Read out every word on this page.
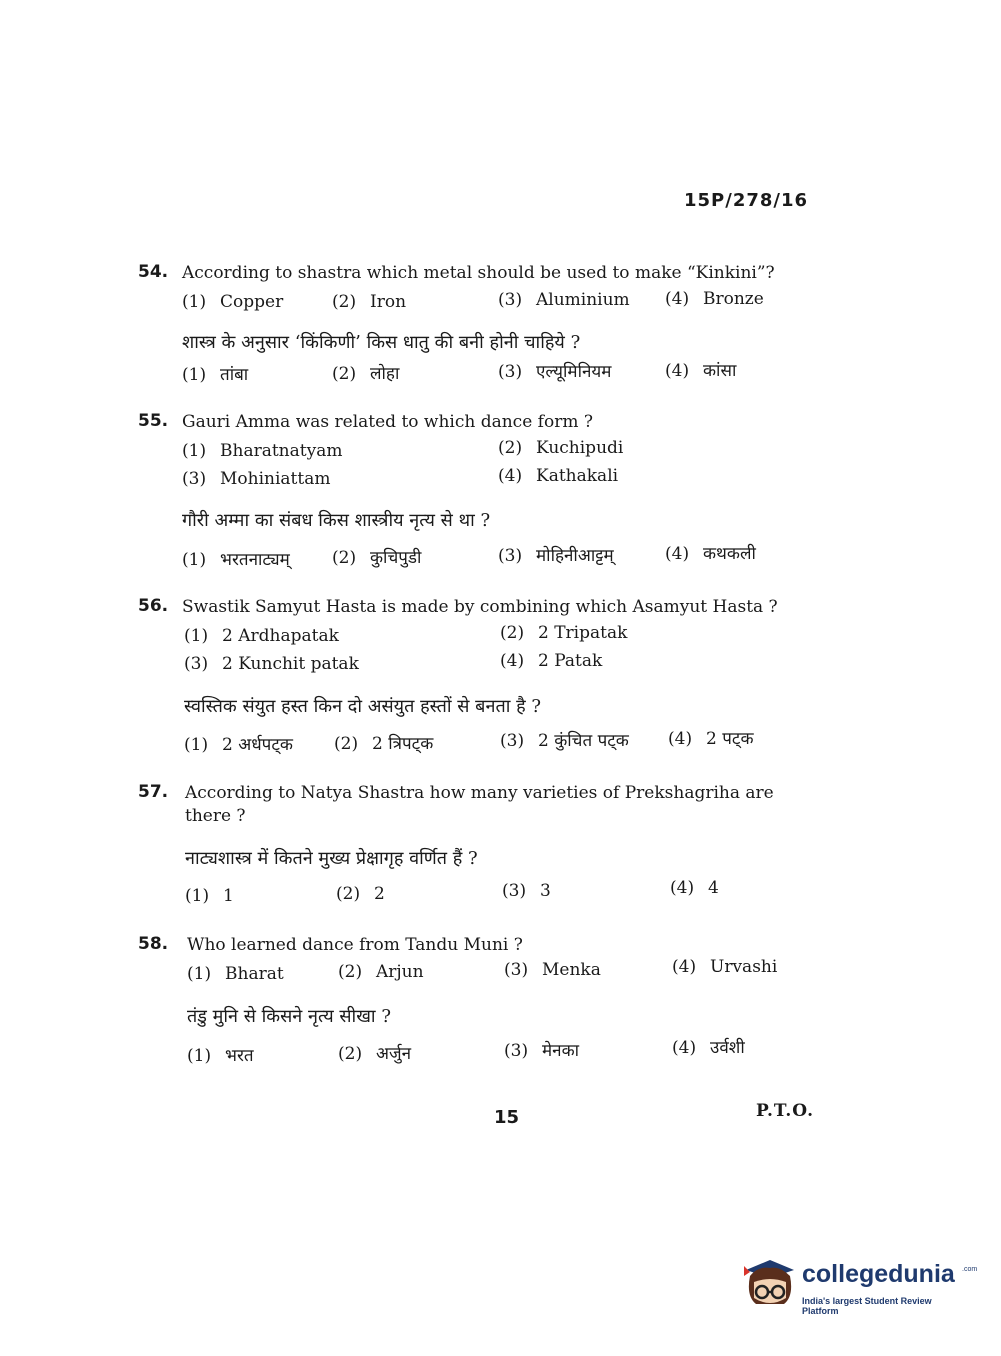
15P/278/16
54. According to shastra which metal should be used to make “Kinkini”?
(1) Copper	(2) Iron	(3) Aluminium (4) Bronze
शास्त्र के अनुसार ‘किंकिणी’ किस धातु की बनी होनी चाहिये ?
(1) तांबा	(2) लोहा	(3) एल्यूमिनियम	(4) कांसा
55. Gauri Amma was related to which dance form ?
(1) Bharatnatyam	(2) Kuchipudi
(3) Mohiniattam	(4) Kathakali
गौरी अम्मा का संबध किस शास्त्रीय नृत्य से था ?
(1) भरतनाट्यम् (2) कुचिपुडी	(3) मोहिनीआट्टम्	(4) कथकली
56. Swastik Samyut Hasta is made by combining which Asamyut Hasta ?
(1) 2 Ardhapatak	(2) 2 Tripatak
(3) 2 Kunchit patak	(4) 2 Patak
स्वस्तिक संयुत हस्त किन दो असंयुत हस्तों से बनता है ?
(1) 2 अर्धपट्क (2) 2 त्रिपट्क	(3) 2 कुंचित पट्क (4) 2 पट्क
57. According to Natya Shastra how many varieties of Prekshagriha are there ?
नाट्यशास्त्र में कितने मुख्य प्रेक्षागृह वर्णित हैं ?
(1) 1	(2) 2	(3) 3	(4) 4
58. Who learned dance from Tandu Muni ?
(1) Bharat	(2) Arjun	(3) Menka	(4) Urvashi
तंडु मुनि से किसने नृत्य सीखा ?
(1) भरत	(2) अर्जुन	(3) मेनका	(4) उर्वशी
15	P.T.O.
collegedunia .com
India's largest Student Review Platform
